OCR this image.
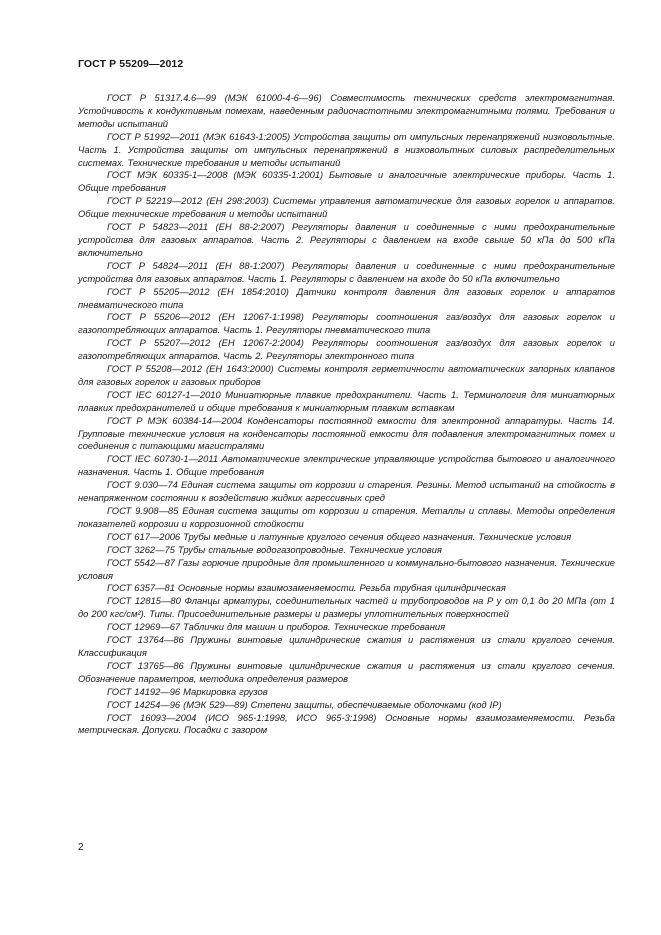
ГОСТ Р 55209—2012

ГОСТ Р 51317.4.6—99 (МЭК 61000-4-6—96) Совместимость технических средств электромагнитная. Устойчивость к кондуктивным помехам, наведенным радиочастотными электромагнитными полями. Требования и методы испытаний

ГОСТ Р 51992—2011 (МЭК 61643-1:2005) Устройства защиты от импульсных перенапряжений низковольтные. Часть 1. Устройства защиты от импульсных перенапряжений в низковольтных силовых распределительных системах. Технические требования и методы испытаний

ГОСТ МЭК 60335-1—2008 (МЭК 60335-1:2001) Бытовые и аналогичные электрические приборы. Часть 1. Общие требования

ГОСТ Р 52219—2012 (ЕН 298:2003) Системы управления автоматические для газовых горелок и аппаратов. Общие технические требования и методы испытаний

ГОСТ Р 54823—2011 (ЕН 88-2:2007) Регуляторы давления и соединенные с ними предохранительные устройства для газовых аппаратов. Часть 2. Регуляторы с давлением на входе свыше 50 кПа до 500 кПа включительно

ГОСТ Р 54824—2011 (ЕН 88-1:2007) Регуляторы давления и соединенные с ними предохранительные устройства для газовых аппаратов. Часть 1. Регуляторы с давлением на входе до 50 кПа включительно

ГОСТ Р 55205—2012 (ЕН 1854:2010) Датчики контроля давления для газовых горелок и аппаратов пневматического типа

ГОСТ Р 55206—2012 (ЕН 12067-1:1998) Регуляторы соотношения газ/воздух для газовых горелок и газопотребляющих аппаратов. Часть 1. Регуляторы пневматического типа

ГОСТ Р 55207—2012 (ЕН 12067-2:2004) Регуляторы соотношения газ/воздух для газовых горелок и газопотребляющих аппаратов. Часть 2. Регуляторы электронного типа

ГОСТ Р 55208—2012 (ЕН 1643:2000) Системы контроля герметичности автоматических запорных клапанов для газовых горелок и газовых приборов

ГОСТ IEC 60127-1—2010 Миниатюрные плавкие предохранители. Часть 1. Терминология для миниатюрных плавких предохранителей и общие требования к миниатюрным плавким вставкам

ГОСТ Р МЭК 60384-14—2004 Конденсаторы постоянной емкости для электронной аппаратуры. Часть 14. Групповые технические условия на конденсаторы постоянной емкости для подавления электромагнитных помех и соединения с питающими магистралями

ГОСТ IEC 60730-1—2011 Автоматические электрические управляющие устройства бытового и аналогичного назначения. Часть 1. Общие требования

ГОСТ 9.030—74 Единая система защиты от коррозии и старения. Резины. Метод испытаний на стойкость в ненапряженном состоянии к воздействию жидких агрессивных сред

ГОСТ 9.908—85 Единая система защиты от коррозии и старения. Металлы и сплавы. Методы определения показателей коррозии и коррозионной стойкости

ГОСТ 617—2006 Трубы медные и латунные круглого сечения общего назначения. Технические условия

ГОСТ 3262—75 Трубы стальные водогазопроводные. Технические условия

ГОСТ 5542—87 Газы горючие природные для промышленного и коммунально-бытового назначения. Технические условия

ГОСТ 6357—81 Основные нормы взаимозаменяемости. Резьба трубная цилиндрическая

ГОСТ 12815—80 Фланцы арматуры, соединительных частей и трубопроводов на P у от 0,1 до 20 МПа (от 1 до 200 кгс/см²). Типы. Присоединительные размеры и размеры уплотнительных поверхностей

ГОСТ 12969—67 Таблички для машин и приборов. Технические требования

ГОСТ 13764—86 Пружины винтовые цилиндрические сжатия и растяжения из стали круглого сечения. Классификация

ГОСТ 13765—86 Пружины винтовые цилиндрические сжатия и растяжения из стали круглого сечения. Обозначение параметров, методика определения размеров

ГОСТ 14192—96 Маркировка грузов

ГОСТ 14254—96 (МЭК 529—89) Степени защиты, обеспечиваемые оболочками (код IP)

ГОСТ 16093—2004 (ИСО 965-1:1998, ИСО 965-3:1998) Основные нормы взаимозаменяемости. Резьба метрическая. Допуски. Посадки с зазором

2
